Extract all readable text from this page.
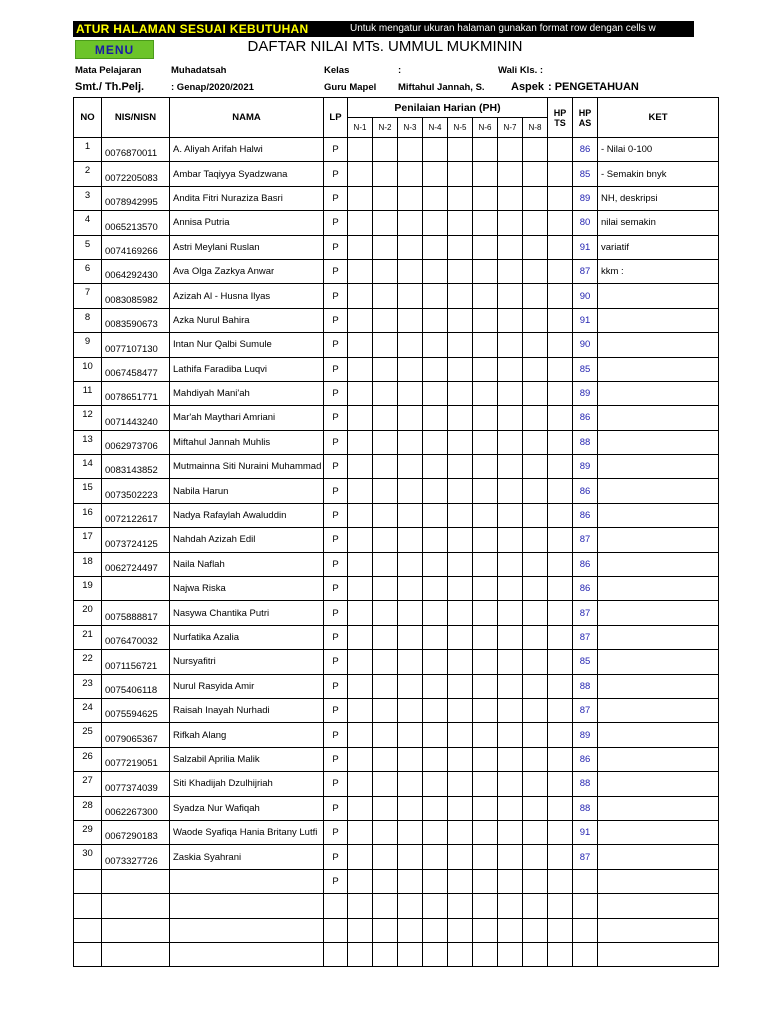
ATUR HALAMAN SESUAI KEBUTUHAN	Untuk mengatur ukuran halaman gunakan format row dengan cells w
MENU	DAFTAR NILAI MTs. UMMUL MUKMININ
Mata Pelajaran	Muhadatsah	Kelas	:	Wali Kls. :
Smt./ Th.Pelj.	: Genap/2020/2021	Guru Mapel Miftahul Jannah, S. Aspek : PENGETAHUAN
NO	NIS/NISN	NAMA	LP	Penilaian Harian (PH)								HP TS	HP AS	KET
				N-1	N-2	N-3	N-4	N-5	N-6	N-7	N-8			
1	0076870011	A. Aliyah Arifah Halwi	P										86	- Nilai 0-100
2	0072205083	Ambar Taqiyya Syadzwana	P										85	- Semakin bnyk
3	0078942995	Andita Fitri Nuraziza Basri	P										89	NH, deskripsi
4	0065213570	Annisa Putria	P										80	nilai semakin
5	0074169266	Astri Meylani Ruslan	P										91	variatif
6	0064292430	Ava Olga Zazkya Anwar	P										87	kkm :
7	0083085982	Azizah Al - Husna Ilyas	P										90	
8	0083590673	Azka Nurul Bahira	P										91	
9	0077107130	Intan Nur Qalbi Sumule	P										90	
10	0067458477	Lathifa Faradiba Luqvi	P										85	
11	0078651771	Mahdiyah Mani'ah	P										89	
12	0071443240	Mar'ah Maythari Amriani	P										86	
13	0062973706	Miftahul Jannah Muhlis	P										88	
14	0083143852	Mutmainna Siti Nuraini Muhammad	P										89	
15	0073502223	Nabila Harun	P										86	
16	0072122617	Nadya Rafaylah Awaluddin	P										86	
17	0073724125	Nahdah Azizah Edil	P										87	
18	0062724497	Naila Naflah	P										86	
19		Najwa Riska	P										86	
20	0075888817	Nasywa Chantika Putri	P										87	
21	0076470032	Nurfatika Azalia	P										87	
22	0071156721	Nursyafitri	P										85	
23	0075406118	Nurul Rasyida Amir	P										88	
24	0075594625	Raisah Inayah Nurhadi	P										87	
25	0079065367	Rifkah Alang	P										89	
26	0077219051	Salzabil Aprilia Malik	P										86	
27	0077374039	Siti Khadijah Dzulhijriah	P										88	
28	0062267300	Syadza Nur Wafiqah	P										88	
29	0067290183	Waode Syafiqa Hania Britany Lutfi	P										91	
30	0073327726	Zaskia Syahrani	P										87	
			P											
